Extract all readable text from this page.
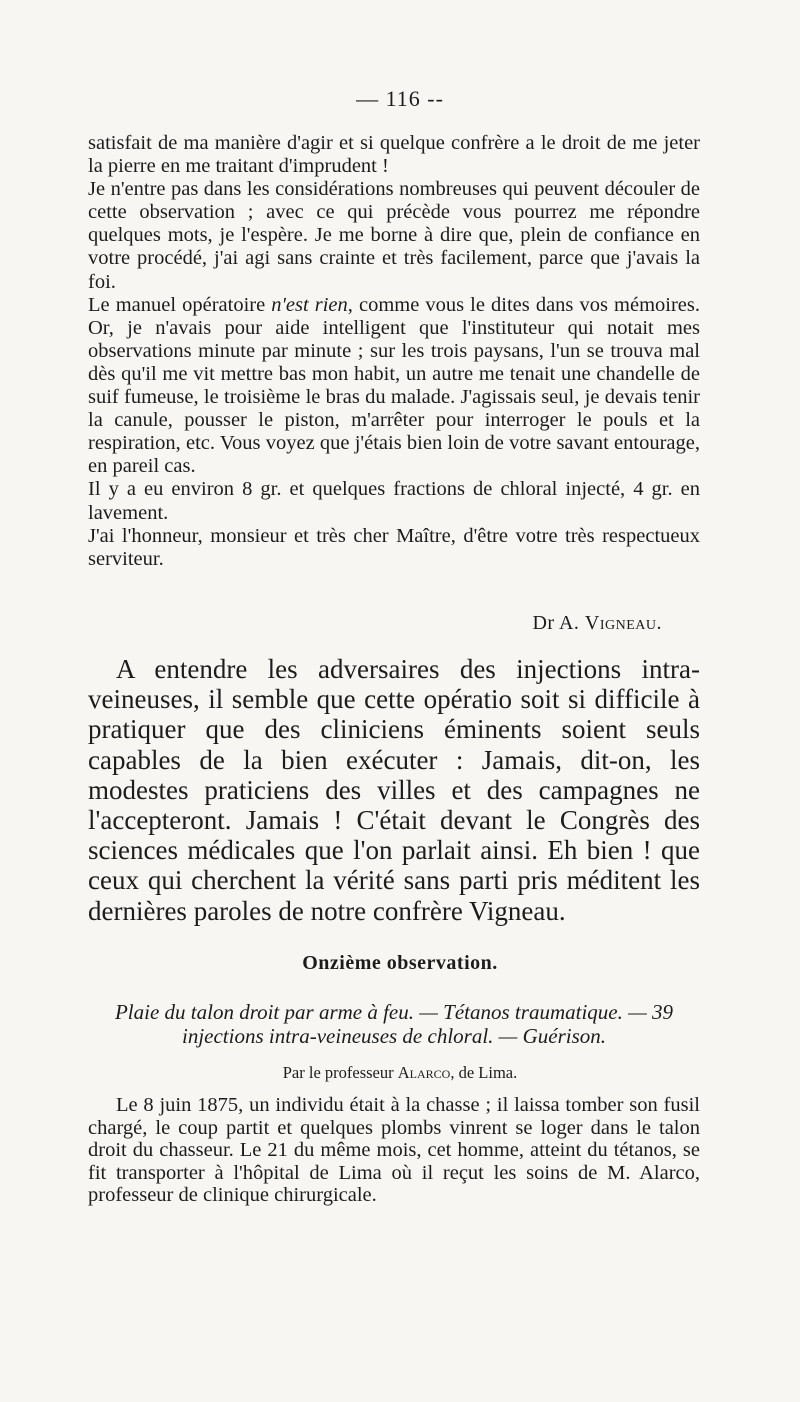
— 116 --

satisfait de ma manière d'agir et si quelque confrère a le droit de me jeter la pierre en me traitant d'imprudent !

Je n'entre pas dans les considérations nombreuses qui peuvent découler de cette observation ; avec ce qui précède vous pourrez me répondre quelques mots, je l'espère. Je me borne à dire que, plein de confiance en votre procédé, j'ai agi sans crainte et très facilement, parce que j'avais la foi.

Le manuel opératoire n'est rien, comme vous le dites dans vos mémoires. Or, je n'avais pour aide intelligent que l'instituteur qui notait mes observations minute par minute ; sur les trois paysans, l'un se trouva mal dès qu'il me vit mettre bas mon habit, un autre me tenait une chandelle de suif fumeuse, le troisième le bras du malade. J'agissais seul, je devais tenir la canule, pousser le piston, m'arrêter pour interroger le pouls et la respiration, etc. Vous voyez que j'étais bien loin de votre savant entourage, en pareil cas.

Il y a eu environ 8 gr. et quelques fractions de chloral injecté, 4 gr. en lavement.

J'ai l'honneur, monsieur et très cher Maître, d'être votre très respectueux serviteur.

Dr A. Vigneau.
A entendre les adversaires des injections intra-veineuses, il semble que cette opératio soit si difficile à pratiquer que des cliniciens éminents soient seuls capables de la bien exécuter : Jamais, dit-on, les modestes praticiens des villes et des campagnes ne l'accepteront. Jamais ! C'était devant le Congrès des sciences médicales que l'on parlait ainsi. Eh bien ! que ceux qui cherchent la vérité sans parti pris méditent les dernières paroles de notre confrère Vigneau.
Onzième observation.
Plaie du talon droit par arme à feu. — Tétanos traumatique. — 39 injections intra-veineuses de chloral. — Guérison.
Par le professeur Alarco, de Lima.
Le 8 juin 1875, un individu était à la chasse ; il laissa tomber son fusil chargé, le coup partit et quelques plombs vinrent se loger dans le talon droit du chasseur. Le 21 du même mois, cet homme, atteint du tétanos, se fit transporter à l'hôpital de Lima où il reçut les soins de M. Alarco, professeur de clinique chirurgicale.
